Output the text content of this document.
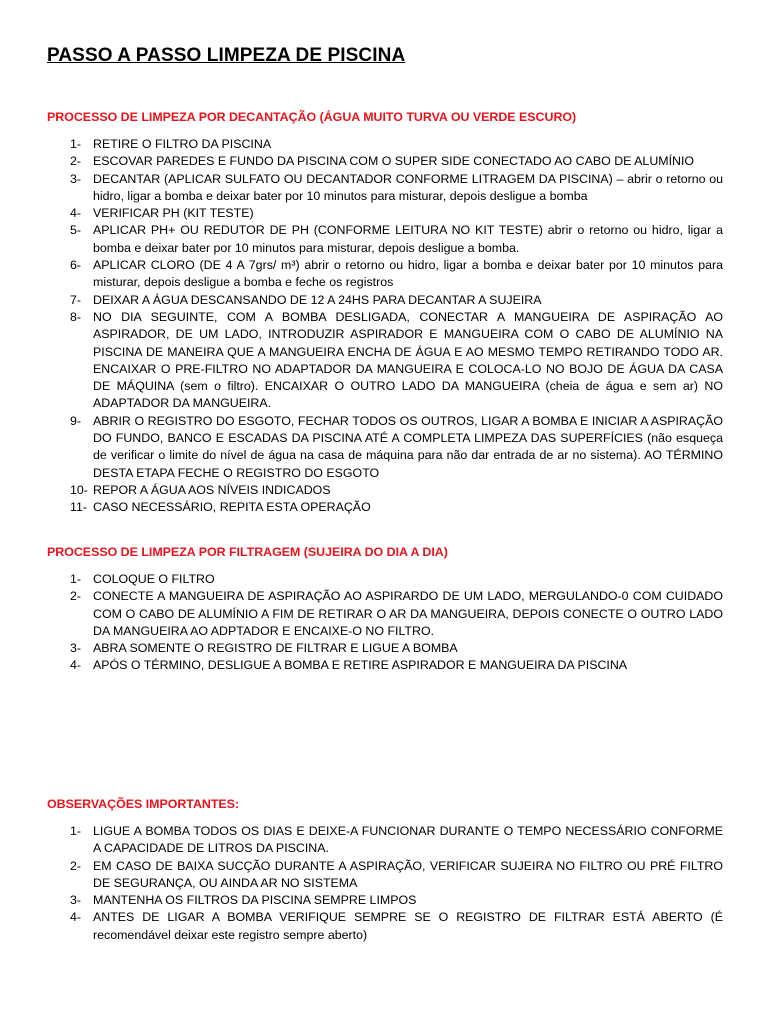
PASSO A PASSO LIMPEZA DE PISCINA
PROCESSO DE LIMPEZA POR DECANTAÇÃO (ÁGUA MUITO TURVA OU VERDE ESCURO)
1- RETIRE O FILTRO DA PISCINA
2- ESCOVAR PAREDES E FUNDO DA PISCINA COM O SUPER SIDE CONECTADO AO CABO DE ALUMÍNIO
3- DECANTAR (APLICAR SULFATO OU DECANTADOR CONFORME LITRAGEM DA PISCINA) – abrir o retorno ou hidro, ligar a bomba e deixar bater por 10 minutos para misturar, depois desligue a bomba
4- VERIFICAR PH (KIT TESTE)
5- APLICAR PH+ OU REDUTOR DE PH (CONFORME LEITURA NO KIT TESTE) abrir o retorno ou hidro, ligar a bomba e deixar bater por 10 minutos para misturar, depois desligue a bomba.
6- APLICAR CLORO (DE 4 A 7grs/ m³) abrir o retorno ou hidro, ligar a bomba e deixar bater por 10 minutos para misturar, depois desligue a bomba e feche os registros
7- DEIXAR A ÁGUA DESCANSANDO DE 12 A 24HS PARA DECANTAR A SUJEIRA
8- NO DIA SEGUINTE, COM A BOMBA DESLIGADA, CONECTAR A MANGUEIRA DE ASPIRAÇÃO AO ASPIRADOR, DE UM LADO, INTRODUZIR ASPIRADOR E MANGUEIRA COM O CABO DE ALUMÍNIO NA PISCINA DE MANEIRA QUE A MANGUEIRA ENCHA DE ÁGUA E AO MESMO TEMPO RETIRANDO TODO AR. ENCAIXAR O PRE-FILTRO NO ADAPTADOR DA MANGUEIRA E COLOCA-LO NO BOJO DE ÁGUA DA CASA DE MÁQUINA (sem o filtro). ENCAIXAR O OUTRO LADO DA MANGUEIRA (cheia de água e sem ar) NO ADAPTADOR DA MANGUEIRA.
9- ABRIR O REGISTRO DO ESGOTO, FECHAR TODOS OS OUTROS, LIGAR A BOMBA E INICIAR A ASPIRAÇÃO DO FUNDO, BANCO E ESCADAS DA PISCINA ATÉ A COMPLETA LIMPEZA DAS SUPERFÍCIES (não esqueça de verificar o limite do nível de água na casa de máquina para não dar entrada de ar no sistema). AO TÉRMINO DESTA ETAPA FECHE O REGISTRO DO ESGOTO
10- REPOR A ÁGUA AOS NÍVEIS INDICADOS
11- CASO NECESSÁRIO, REPITA ESTA OPERAÇÃO
PROCESSO DE LIMPEZA POR FILTRAGEM (SUJEIRA DO DIA A DIA)
1- COLOQUE O FILTRO
2- CONECTE A MANGUEIRA DE ASPIRAÇÃO AO ASPIRARDO DE UM LADO, MERGULANDO-0 COM CUIDADO COM O CABO DE ALUMÍNIO A FIM DE RETIRAR O AR DA MANGUEIRA, DEPOIS CONECTE O OUTRO LADO DA MANGUEIRA AO ADPTADOR E ENCAIXE-O NO FILTRO.
3- ABRA SOMENTE O REGISTRO DE FILTRAR E LIGUE A BOMBA
4- APÓS O TÉRMINO, DESLIGUE A BOMBA E RETIRE ASPIRADOR E MANGUEIRA DA PISCINA
OBSERVAÇÕES IMPORTANTES:
1- LIGUE A BOMBA TODOS OS DIAS E DEIXE-A FUNCIONAR DURANTE O TEMPO NECESSÁRIO CONFORME A CAPACIDADE DE LITROS DA PISCINA.
2- EM CASO DE BAIXA SUCÇÃO DURANTE A ASPIRAÇÃO, VERIFICAR SUJEIRA NO FILTRO OU PRÉ FILTRO DE SEGURANÇA, OU AINDA AR NO SISTEMA
3- MANTENHA OS FILTROS DA PISCINA SEMPRE LIMPOS
4- ANTES DE LIGAR A BOMBA VERIFIQUE SEMPRE SE O REGISTRO DE FILTRAR ESTÁ ABERTO (É recomendável deixar este registro sempre aberto)
